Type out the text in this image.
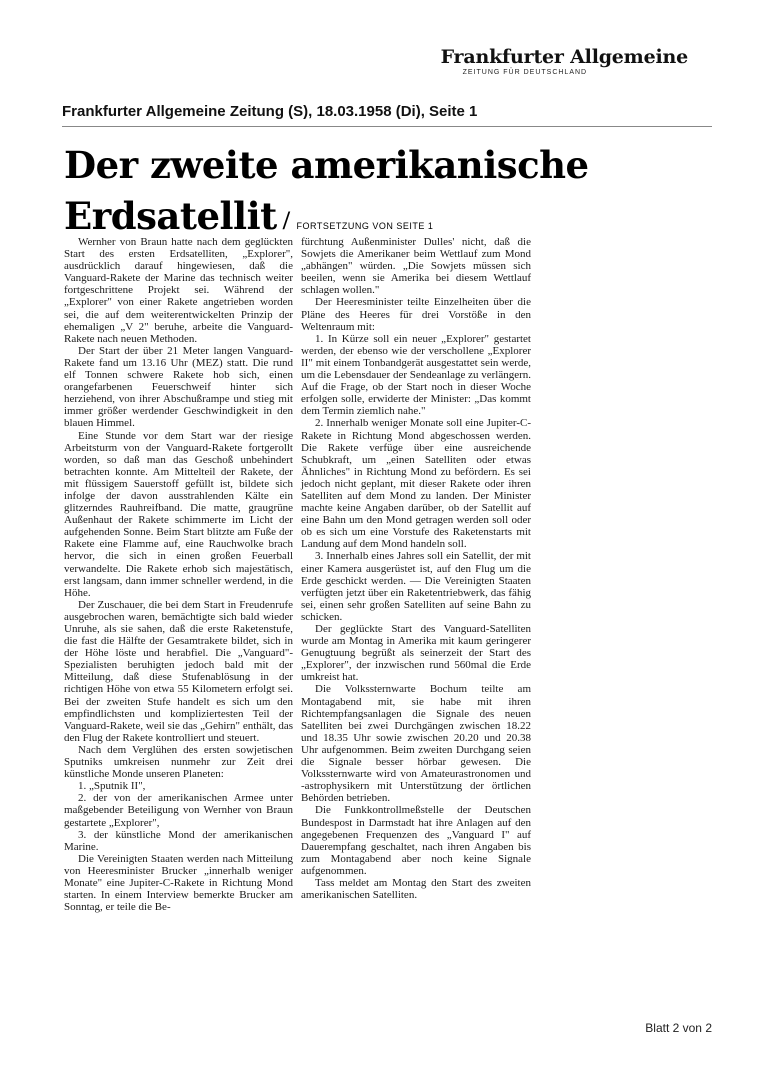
Frankfurter Allgemeine
ZEITUNG FÜR DEUTSCHLAND
Frankfurter Allgemeine Zeitung (S), 18.03.1958 (Di), Seite 1
Der zweite amerikanische
Erdsatellit / FORTSETZUNG VON SEITE 1

Wernher von Braun hatte nach dem geglückten Start des ersten Erdsatelliten, „Explorer", ausdrücklich darauf hingewiesen, daß die Vanguard-Rakete der Marine das technisch weiter fortgeschrittene Projekt sei. Während der „Explorer" von einer Rakete angetrieben worden sei, die auf dem weiterentwickelten Prinzip der ehemaligen „V 2" beruhe, arbeite die Vanguard-Rakete nach neuen Methoden.

Der Start der über 21 Meter langen Vanguard-Rakete fand um 13.16 Uhr (MEZ) statt. Die rund elf Tonnen schwere Rakete hob sich, einen orangefarbenen Feuerschweif hinter sich herziehend, von ihrer Abschußrampe und stieg mit immer größer werdender Geschwindigkeit in den blauen Himmel.

Eine Stunde vor dem Start war der riesige Arbeitsturm von der Vanguard-Rakete fortgerollt worden, so daß man das Geschoß unbehindert betrachten konnte. Am Mittelteil der Rakete, der mit flüssigem Sauerstoff gefüllt ist, bildete sich infolge der davon ausstrahlenden Kälte ein glitzerndes Rauhreifband. Die matte, graugrüne Außenhaut der Rakete schimmerte im Licht der aufgehenden Sonne. Beim Start blitzte am Fuße der Rakete eine Flamme auf, eine Rauchwolke brach hervor, die sich in einen großen Feuerball verwandelte. Die Rakete erhob sich majestätisch, erst langsam, dann immer schneller werdend, in die Höhe.

Der Zuschauer, die bei dem Start in Freudenrufe ausgebrochen waren, bemächtigte sich bald wieder Unruhe, als sie sahen, daß die erste Raketenstufe, die fast die Hälfte der Gesamtrakete bildet, sich in der Höhe löste und herabfiel. Die „Vanguard"-Spezialisten beruhigten jedoch bald mit der Mitteilung, daß diese Stufenablösung in der richtigen Höhe von etwa 55 Kilometern erfolgt sei. Bei der zweiten Stufe handelt es sich um den empfindlichsten und kompliziertesten Teil der Vanguard-Rakete, weil sie das „Gehirn" enthält, das den Flug der Rakete kontrolliert und steuert.

Nach dem Verglühen des ersten sowjetischen Sputniks umkreisen nunmehr zur Zeit drei künstliche Monde unseren Planeten:

1. „Sputnik II",

2. der von der amerikanischen Armee unter maßgebender Beteiligung von Wernher von Braun gestartete „Explorer",

3. der künstliche Mond der amerikanischen Marine.

Die Vereinigten Staaten werden nach Mitteilung von Heeresminister Brucker „innerhalb weniger Monate" eine Jupiter-C-Rakete in Richtung Mond starten. In einem Interview bemerkte Brucker am Sonntag, er teile die Be-

fürchtung Außenminister Dulles' nicht, daß die Sowjets die Amerikaner beim Wettlauf zum Mond „abhängen" würden. „Die Sowjets müssen sich beeilen, wenn sie Amerika bei diesem Wettlauf schlagen wollen."

Der Heeresminister teilte Einzelheiten über die Pläne des Heeres für drei Vorstöße in den Weltenraum mit:

1. In Kürze soll ein neuer „Explorer" gestartet werden, der ebenso wie der verschollene „Explorer II" mit einem Tonbandgerät ausgestattet sein werde, um die Lebensdauer der Sendeanlage zu verlängern. Auf die Frage, ob der Start noch in dieser Woche erfolgen solle, erwiderte der Minister: „Das kommt dem Termin ziemlich nahe."

2. Innerhalb weniger Monate soll eine Jupiter-C-Rakete in Richtung Mond abgeschossen werden. Die Rakete verfüge über eine ausreichende Schubkraft, um „einen Satelliten oder etwas Ähnliches" in Richtung Mond zu befördern. Es sei jedoch nicht geplant, mit dieser Rakete oder ihren Satelliten auf dem Mond zu landen. Der Minister machte keine Angaben darüber, ob der Satellit auf eine Bahn um den Mond getragen werden soll oder ob es sich um eine Vorstufe des Raketenstarts mit Landung auf dem Mond handeln soll.

3. Innerhalb eines Jahres soll ein Satellit, der mit einer Kamera ausgerüstet ist, auf den Flug um die Erde geschickt werden. — Die Vereinigten Staaten verfügten jetzt über ein Raketentriebwerk, das fähig sei, einen sehr großen Satelliten auf seine Bahn zu schicken.

Der geglückte Start des Vanguard-Satelliten wurde am Montag in Amerika mit kaum geringerer Genugtuung begrüßt als seinerzeit der Start des „Explorer", der inzwischen rund 560mal die Erde umkreist hat.

Die Volkssternwarte Bochum teilte am Montagabend mit, sie habe mit ihren Richtempfangsanlagen die Signale des neuen Satelliten bei zwei Durchgängen zwischen 18.22 und 18.35 Uhr sowie zwischen 20.20 und 20.38 Uhr aufgenommen. Beim zweiten Durchgang seien die Signale besser hörbar gewesen. Die Volkssternwarte wird von Amateurastronomen und -astrophysikern mit Unterstützung der örtlichen Behörden betrieben.

Die Funkkontrollmeßstelle der Deutschen Bundespost in Darmstadt hat ihre Anlagen auf den angegebenen Frequenzen des „Vanguard I" auf Dauerempfang geschaltet, nach ihren Angaben bis zum Montagabend aber noch keine Signale aufgenommen.

Tass meldet am Montag den Start des zweiten amerikanischen Satelliten.

Blatt 2 von 2
